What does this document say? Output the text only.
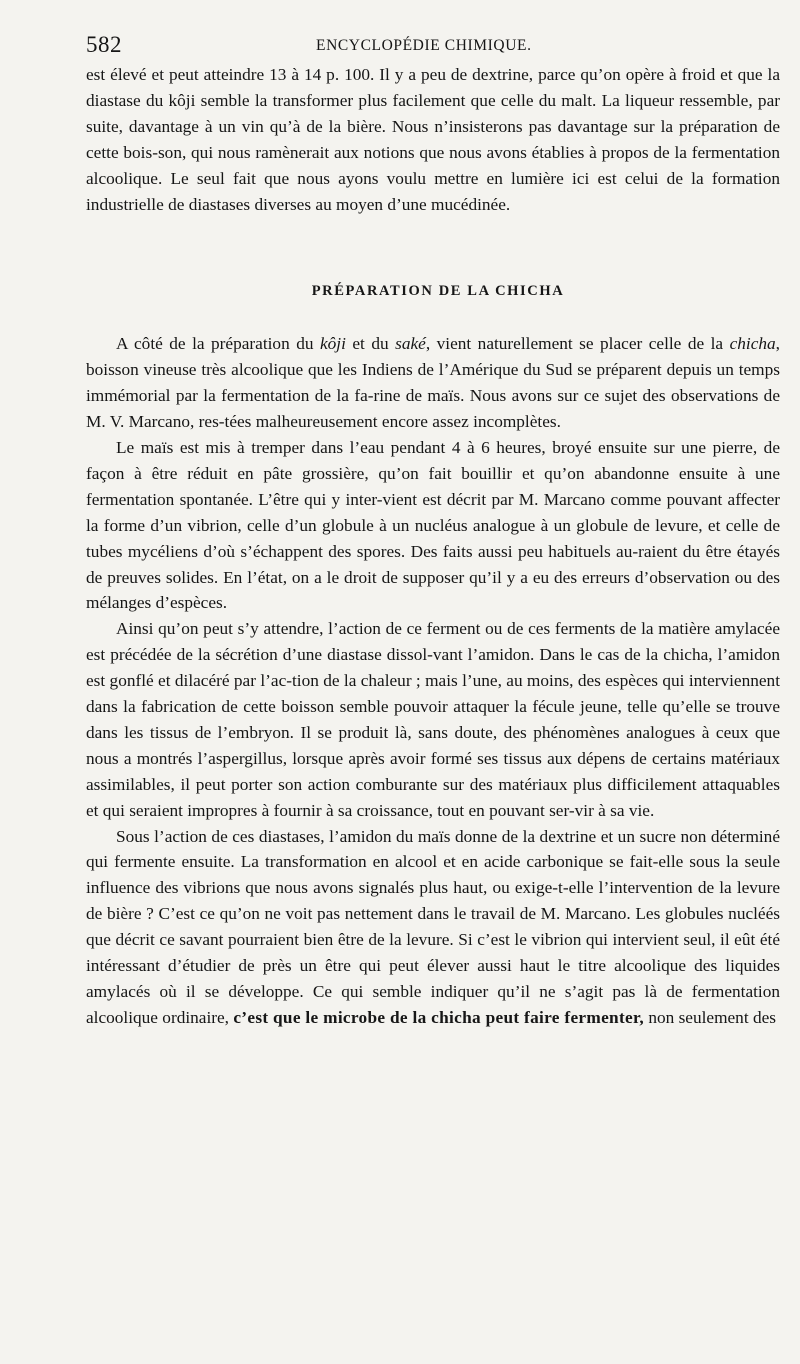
582	ENCYCLOPÉDIE CHIMIQUE.

est élevé et peut atteindre 13 à 14 p. 100. Il y a peu de dextrine, parce qu’on opère à froid et que la diastase du kôji semble la transformer plus facilement que celle du malt. La liqueur ressemble, par suite, davantage à un vin qu’à de la bière. Nous n’insisterons pas davantage sur la préparation de cette bois-son, qui nous ramènerait aux notions que nous avons établies à propos de la fermentation alcoolique. Le seul fait que nous ayons voulu mettre en lumière ici est celui de la formation industrielle de diastases diverses au moyen d’une mucédinée.

PRÉPARATION DE LA CHICHA

A côté de la préparation du kôji et du saké, vient naturellement se placer celle de la chicha, boisson vineuse très alcoolique que les Indiens de l’Amérique du Sud se préparent depuis un temps immémorial par la fermentation de la fa-rine de maïs. Nous avons sur ce sujet des observations de M. V. Marcano, res-tées malheureusement encore assez incomplètes.

Le maïs est mis à tremper dans l’eau pendant 4 à 6 heures, broyé ensuite sur une pierre, de façon à être réduit en pâte grossière, qu’on fait bouillir et qu’on abandonne ensuite à une fermentation spontanée. L’être qui y inter-vient est décrit par M. Marcano comme pouvant affecter la forme d’un vibrion, celle d’un globule à un nucléus analogue à un globule de levure, et celle de tubes mycéliens d’où s’échappent des spores. Des faits aussi peu habituels au-raient du être étayés de preuves solides. En l’état, on a le droit de supposer qu’il y a eu des erreurs d’observation ou des mélanges d’espèces.

Ainsi qu’on peut s’y attendre, l’action de ce ferment ou de ces ferments de la matière amylacée est précédée de la sécrétion d’une diastase dissol-vant l’amidon. Dans le cas de la chicha, l’amidon est gonflé et dilacéré par l’ac-tion de la chaleur ; mais l’une, au moins, des espèces qui interviennent dans la fabrication de cette boisson semble pouvoir attaquer la fécule jeune, telle qu’elle se trouve dans les tissus de l’embryon. Il se produit là, sans doute, des phénomènes analogues à ceux que nous a montrés l’aspergillus, lorsque après avoir formé ses tissus aux dépens de certains matériaux assimilables, il peut porter son action comburante sur des matériaux plus difficilement attaquables et qui seraient impropres à fournir à sa croissance, tout en pouvant ser-vir à sa vie.

Sous l’action de ces diastases, l’amidon du maïs donne de la dextrine et un sucre non déterminé qui fermente ensuite. La transformation en alcool et en acide carbonique se fait-elle sous la seule influence des vibrions que nous avons signalés plus haut, ou exige-t-elle l’intervention de la levure de bière ? C’est ce qu’on ne voit pas nettement dans le travail de M. Marcano. Les globules nucléés que décrit ce savant pourraient bien être de la levure. Si c’est le vibrion qui intervient seul, il eût été intéressant d’étudier de près un être qui peut élever aussi haut le titre alcoolique des liquides amylacés où il se développe. Ce qui semble indiquer qu’il ne s’agit pas là de fermentation alcoolique ordinaire, c’est que le microbe de la chicha peut faire fermenter, non seulement des
